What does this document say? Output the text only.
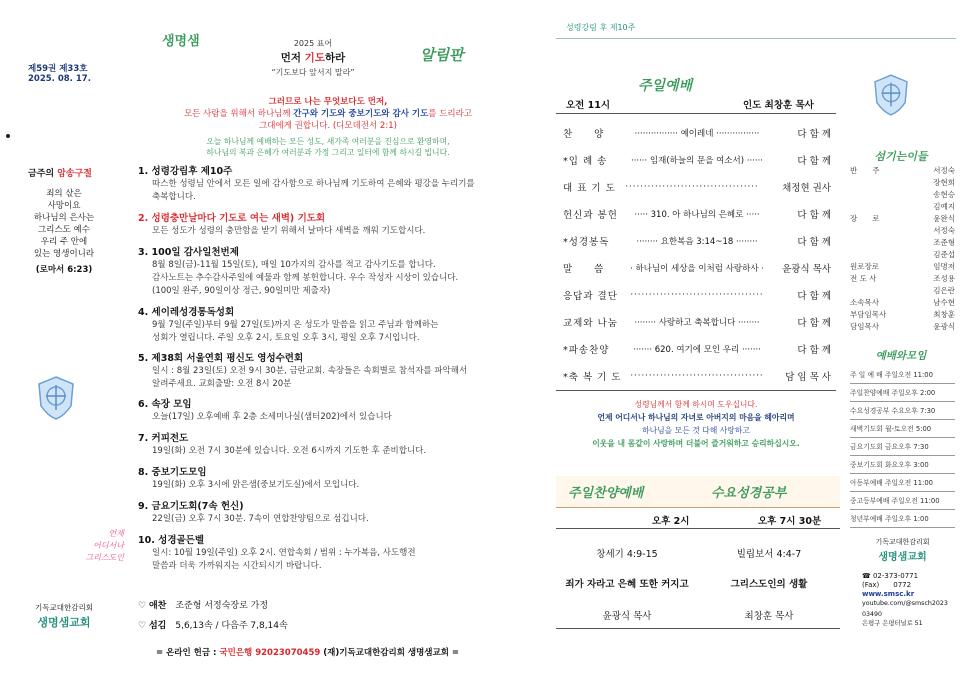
제59권 제33호
2025. 08. 17.
금주의 암송구절
죄의 삯은
사망이요
하나님의 은사는
그리스도 예수
우리 주 안에
있는 영생이니라
(로마서 6:23)
언제
어디서나
그리스도인
기독교대한감리회
생명샘교회
생명샘	2025 표어
먼저 기도하라
“기도보다 앞서지 말라”
알림판
그러므로 나는 무엇보다도 먼저,
모든 사람을 위해서 하나님께 간구와 기도와 중보기도와 감사 기도를 드리라고
그대에게 권합니다. (디모데전서 2:1)
오늘 하나님께 예배하는 모든 성도, 새가족 여러분을 진심으로 환영하며,
하나님의 복과 은혜가 여러분과 가정 그리고 일터에 함께 하시길 빕니다.
1. 성령강림후 제10주
따스한 성령님 안에서 모든 일에 감사함으로 하나님께 기도하여 은혜와 평강을 누리기를
축복합니다.
2. 성령충만날마다 기도로 여는 새벽) 기도회
모든 성도가 성령의 충만함을 받기 위해서 날마다 새벽을 깨워 기도합시다.
3. 100일 감사일천번제
8월 8일(금)-11월 15일(토), 매일 10가지의 감사를 적고 감사기도를 합니다.
감사노트는 추수감사주일에 예물과 함께 봉헌합니다. 우수 작성자 시상이 있습니다.
(100일 완주, 90일이상 정근, 90일미만 제출자)
4. 세이레성경통독성회
9월 7일(주일)부터 9월 27일(토)까지 온 성도가 말씀을 읽고 주님과 함께하는
성회가 열립니다. 주일 오후 2시, 토요일 오후 3시, 평일 오후 7시입니다.
5. 제38회 서울연회 평신도 영성수련회
일시 : 8월 23일(토) 오전 9시 30분, 금란교회. 속장들은 속회별로 참석자를 파악해서
알려주세요. 교회출발: 오전 8시 20분
6. 속장 모임
오늘(17일) 오후예배 후 2층 소세미나실(샘터202)에서 있습니다
7. 커피전도
19일(화) 오전 7시 30분에 있습니다. 오전 6시까지 기도한 후 준비합니다.
8. 중보기도모임
19일(화) 오후 3시에 맑은샘(중보기도실)에서 모입니다.
9. 금요기도회(7속 헌신)
22일(금) 오후 7시 30분. 7속이 연합찬양팀으로 섬깁니다.
10. 성경골든벨
일시: 10월 19일(주일) 오후 2시. 연합속회 / 범위 : 누가복음, 사도행전
말씀과 더욱 가까워지는 시간되시기 바랍니다.
♡ 애찬　 조준형 서정숙장로 가정
♡ 섬김　 5,6,13속 / 다음주 7,8,14속
= 온라인 헌금 : 국민은행 92023070459 (재)기독교대한감리회 생명샘교회 =
성령강림 후 제10주
주일예배
오전 11시	인도 최창훈 목사
찬　　양	················ 예이레네 ················	다 함 께
*입 례 송	······ 임재(하늘의 문을 여소서) ······	다 함 께
대 표 기 도	····································	채정현 권사
헌신과 봉헌	····· 310. 아 하나님의 은혜로 ·····	다 함 께
*성경봉독	········ 요한복음 3:14~18 ········	다 함 께
말　　씀	· 하나님이 세상을 이처럼 사랑하사 ·	윤광식 목사
응답과 결단	····································	다 함 께
교제와 나눔	········ 사랑하고 축복합니다 ········	다 함 께
*파송찬양	······· 620. 여기에 모인 우리 ·······	다 함 께
*축 복 기 도	····································	담 임 목 사
성령님께서 함께 하시며 도우십니다.
언제 어디서나 하나님의 자녀로 아버지의 마음을 헤아리며
하나님을 모든 것 다해 사랑하고
이웃을 내 몸같이 사랑하며 더불어 즐거워하고 승리하십시오.
주일찬양예배	수요성경공부
오후 2시	오후 7시 30분
창세기 4:9-15	빌립보서 4:4-7
죄가 자라고 은혜 또한 커지고	그리스도인의 생활
윤광식 목사	최창훈 목사
섬기는이들
반　　주	서정숙
장현희
송현승
김예지
장　　로	윤완식
서정숙
조준형
김준섭
원로장로	임명저
전 도 사	조성용
김은란
소속목사	남수현
부담임목사	최창훈
담임목사	윤광식
예배와모임
주 일 예 배 주일오전 11:00
주일찬양예배 주일오후 2:00
수요성경공부 수요오후 7:30
새벽기도회 월-토오전 5:00
금요기도회 금요오후 7:30
중보기도회 화요오후 3:00
아동부예배 주일오전 11:00
중고등부예배 주일오전 11:00
청년부예배 주일오후 1:00
기독교대한감리회
생명샘교회
☎ 02-373-0771
(Fax)　　0772
www.smsc.kr
youtube.com/@smsch2023
03490
은평구 은평터널로 51
